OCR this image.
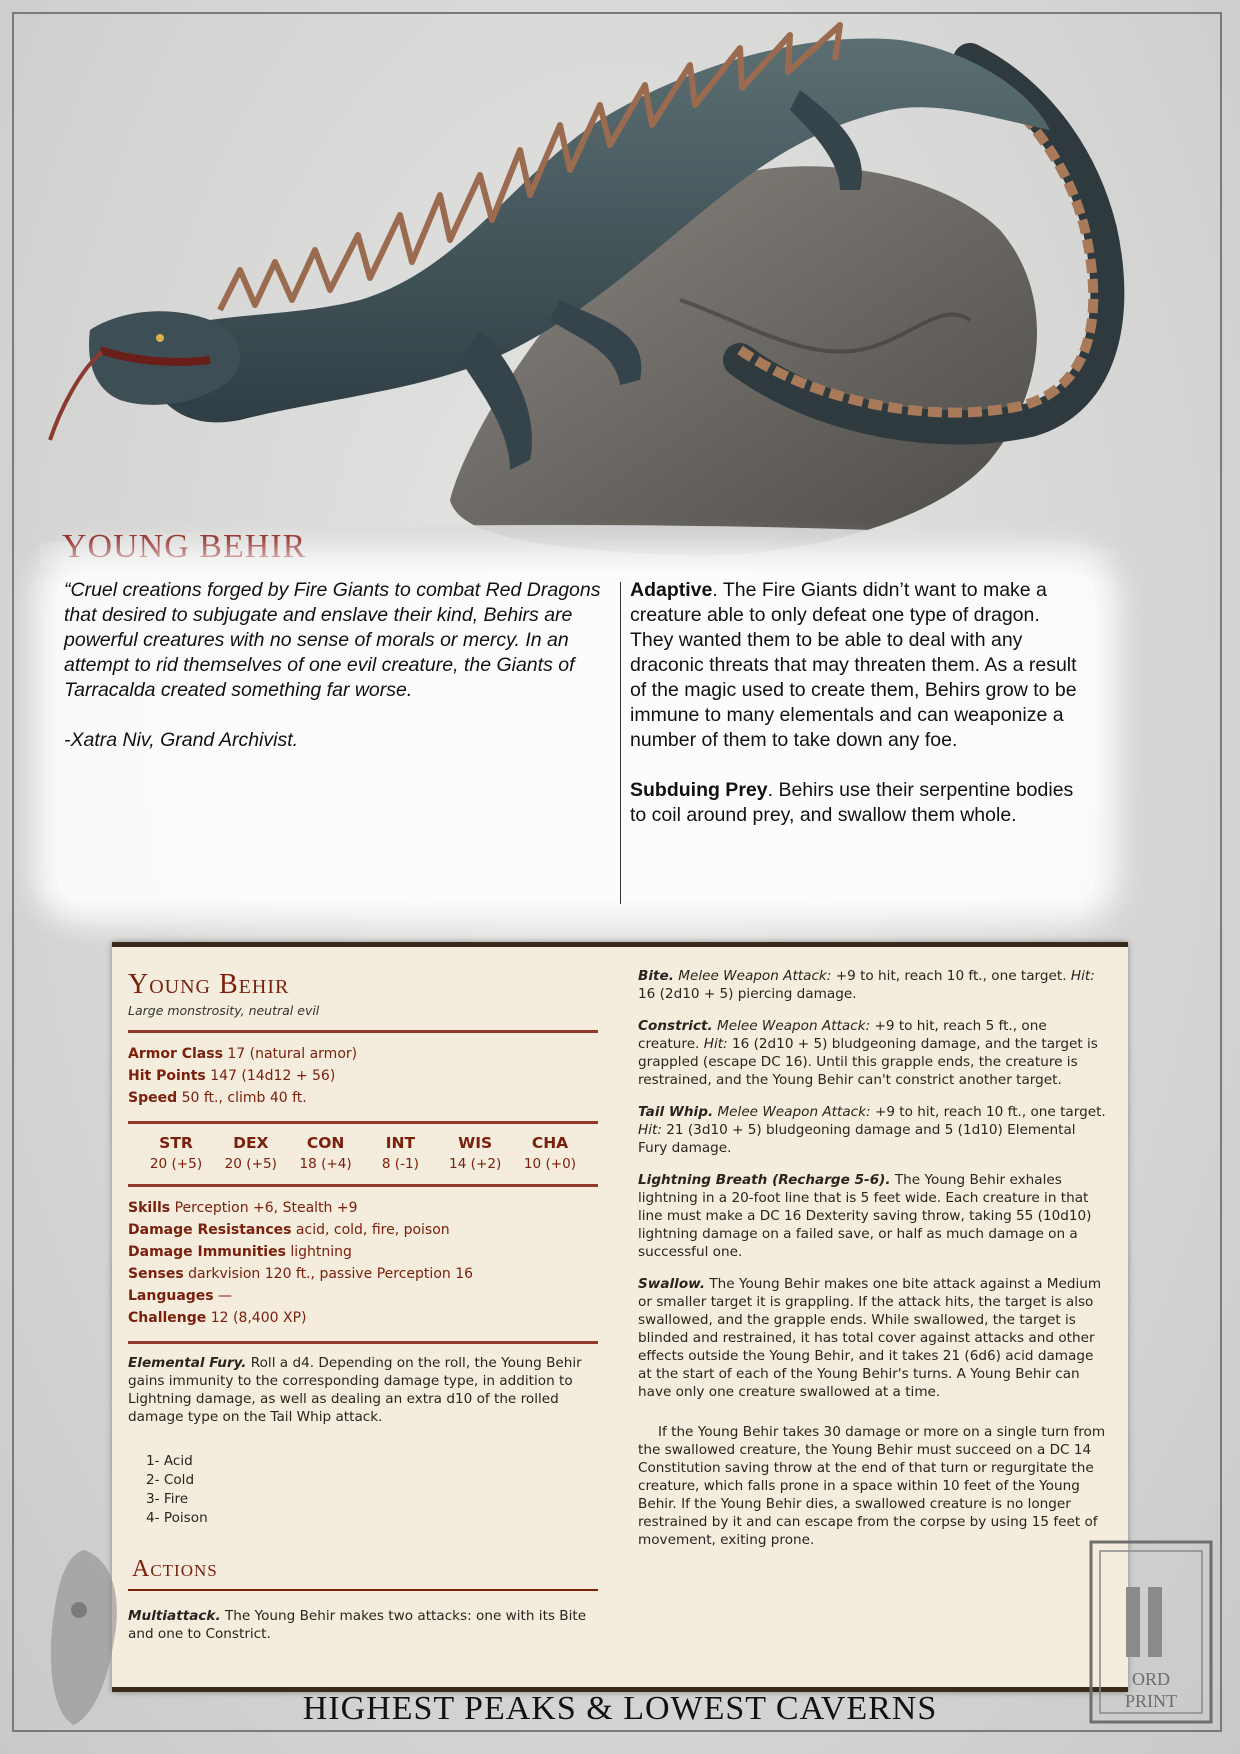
YOUNG BEHIR

“Cruel creations forged by Fire Giants to combat Red Dragons that desired to subjugate and enslave their kind, Behirs are powerful creatures with no sense of morals or mercy. In an attempt to rid themselves of one evil creature, the Giants of Tarracalda created something far worse.

-Xatra Niv, Grand Archivist.

Adaptive. The Fire Giants didn’t want to make a creature able to only defeat one type of dragon. They wanted them to be able to deal with any draconic threats that may threaten them. As a result of the magic used to create them, Behirs grow to be immune to many elementals and can weaponize a number of them to take down any foe.

Subduing Prey. Behirs use their serpentine bodies to coil around prey, and swallow them whole.

Young Behir
Large monstrosity, neutral evil
Armor Class 17 (natural armor)
Hit Points 147 (14d12 + 56)
Speed 50 ft., climb 40 ft.
STR
20 (+5)
DEX
20 (+5)
CON
18 (+4)
INT
8 (-1)
WIS
14 (+2)
CHA
10 (+0)
Skills Perception +6, Stealth +9
Damage Resistances acid, cold, fire, poison
Damage Immunities lightning
Senses darkvision 120 ft., passive Perception 16
Languages —
Challenge 12 (8,400 XP)

Elemental Fury. Roll a d4. Depending on the roll, the Young Behir gains immunity to the corresponding damage type, in addition to Lightning damage, as well as dealing an extra d10 of the rolled damage type on the Tail Whip attack.

1- Acid
2- Cold
3- Fire
4- Poison
Actions

Multiattack. The Young Behir makes two attacks: one with its Bite and one to Constrict.

Bite. Melee Weapon Attack: +9 to hit, reach 10 ft., one target. Hit: 16 (2d10 + 5) piercing damage.

Constrict. Melee Weapon Attack: +9 to hit, reach 5 ft., one creature. Hit: 16 (2d10 + 5) bludgeoning damage, and the target is grappled (escape DC 16). Until this grapple ends, the creature is restrained, and the Young Behir can't constrict another target.

Tail Whip. Melee Weapon Attack: +9 to hit, reach 10 ft., one target. Hit: 21 (3d10 + 5) bludgeoning damage and 5 (1d10) Elemental Fury damage.

Lightning Breath (Recharge 5-6). The Young Behir exhales lightning in a 20-foot line that is 5 feet wide. Each creature in that line must make a DC 16 Dexterity saving throw, taking 55 (10d10) lightning damage on a failed save, or half as much damage on a successful one.

Swallow. The Young Behir makes one bite attack against a Medium or smaller target it is grappling. If the attack hits, the target is also swallowed, and the grapple ends. While swallowed, the target is blinded and restrained, it has total cover against attacks and other effects outside the Young Behir, and it takes 21 (6d6) acid damage at the start of each of the Young Behir's turns. A Young Behir can have only one creature swallowed at a time.

If the Young Behir takes 30 damage or more on a single turn from the swallowed creature, the Young Behir must succeed on a DC 14 Constitution saving throw at the end of that turn or regurgitate the creature, which falls prone in a space within 10 feet of the Young Behir. If the Young Behir dies, a swallowed creature is no longer restrained by it and can escape from the corpse by using 15 feet of movement, exiting prone.

ORD
PRINT
HIGHEST PEAKS & LOWEST CAVERNS
